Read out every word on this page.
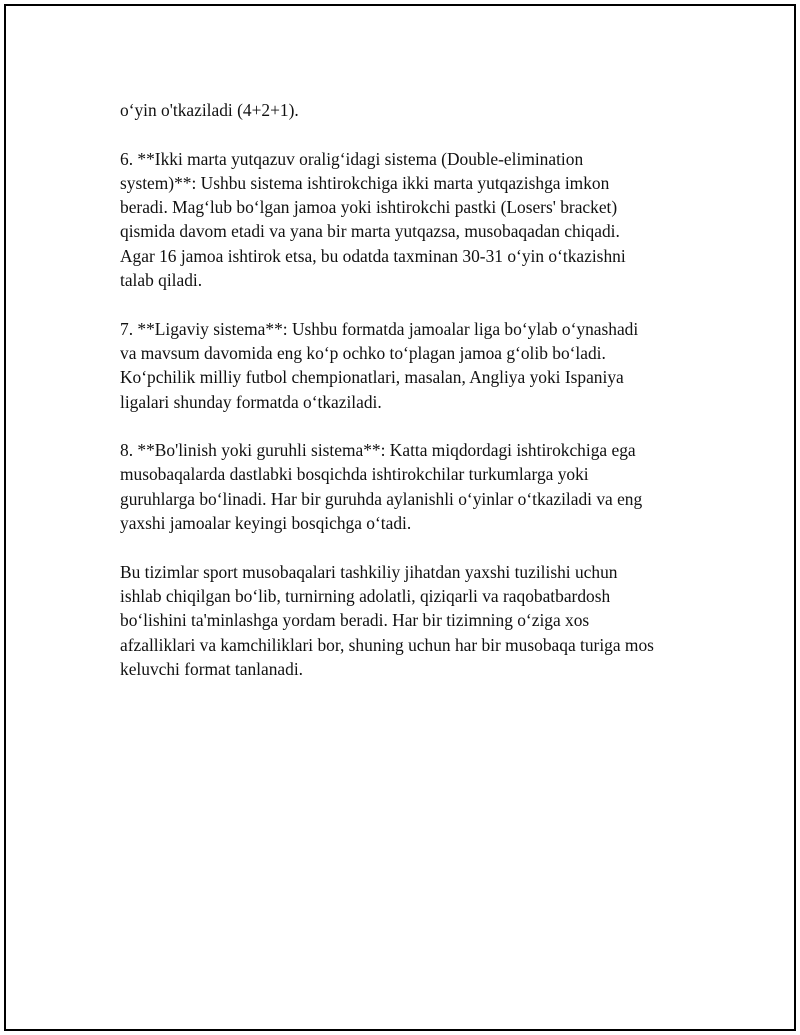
o‘yin o'tkaziladi (4+2+1).

6. **Ikki marta yutqazuv oralig‘idagi sistema (Double-elimination
system)**: Ushbu sistema ishtirokchiga ikki marta yutqazishga imkon
beradi. Mag‘lub bo‘lgan jamoa yoki ishtirokchi pastki (Losers' bracket)
qismida davom etadi va yana bir marta yutqazsa, musobaqadan chiqadi.
Agar 16 jamoa ishtirok etsa, bu odatda taxminan 30-31 o‘yin o‘tkazishni
talab qiladi.

7. **Ligaviy sistema**: Ushbu formatda jamoalar liga bo‘ylab o‘ynashadi
va mavsum davomida eng ko‘p ochko to‘plagan jamoa g‘olib bo‘ladi.
Ko‘pchilik milliy futbol chempionatlari, masalan, Angliya yoki Ispaniya
ligalari shunday formatda o‘tkaziladi.

8. **Bo'linish yoki guruhli sistema**: Katta miqdordagi ishtirokchiga ega
musobaqalarda dastlabki bosqichda ishtirokchilar turkumlarga yoki
guruhlarga bo‘linadi. Har bir guruhda aylanishli o‘yinlar o‘tkaziladi va eng
yaxshi jamoalar keyingi bosqichga o‘tadi.

Bu tizimlar sport musobaqalari tashkiliy jihatdan yaxshi tuzilishi uchun
ishlab chiqilgan bo‘lib, turnirning adolatli, qiziqarli va raqobatbardosh
bo‘lishini ta'minlashga yordam beradi. Har bir tizimning o‘ziga xos
afzalliklari va kamchiliklari bor, shuning uchun har bir musobaqa turiga mos
keluvchi format tanlanadi.
